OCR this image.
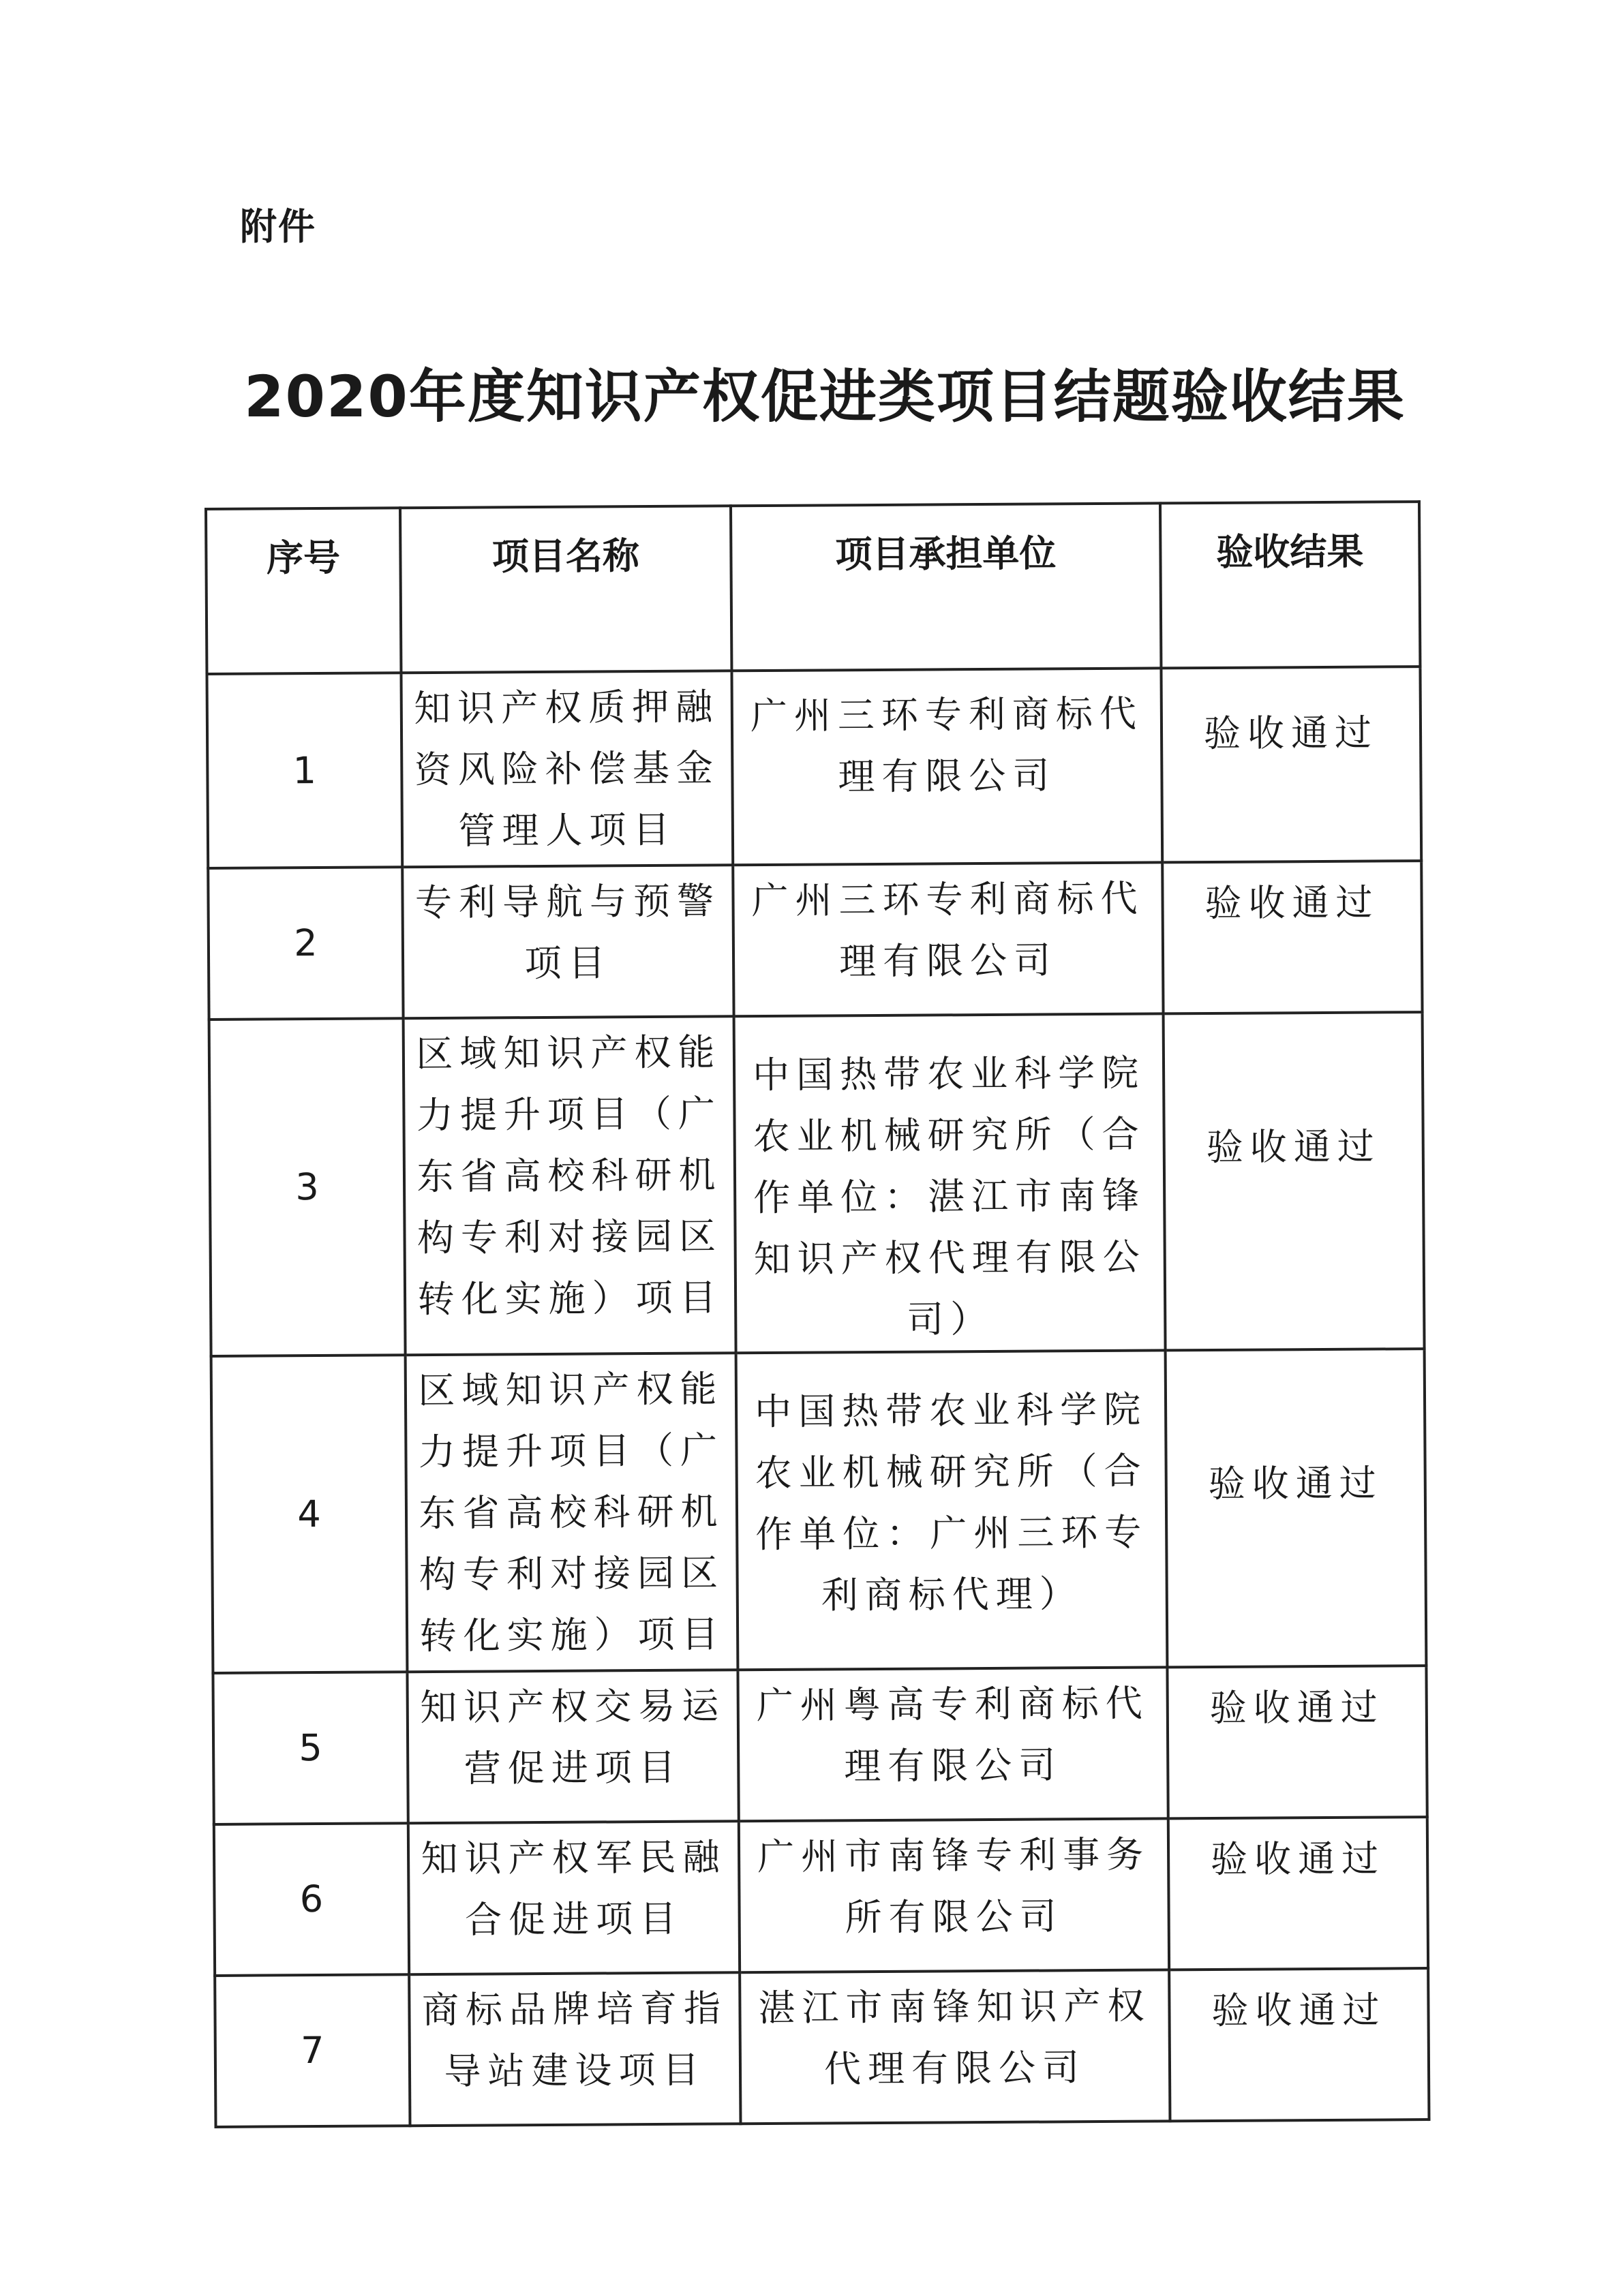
附件
2020年度知识产权促进类项目结题验收结果
序号	项目名称	项目承担单位	验收结果
1	知识产权质押融资风险补偿基金管理人项目	广州三环专利商标代理有限公司	验收通过
2	专利导航与预警项目	广州三环专利商标代理有限公司	验收通过
3	区域知识产权能力提升项目（广东省高校科研机构专利对接园区转化实施）项目	中国热带农业科学院农业机械研究所（合作单位：湛江市南锋知识产权代理有限公司）	验收通过
4	区域知识产权能力提升项目（广东省高校科研机构专利对接园区转化实施）项目	中国热带农业科学院农业机械研究所（合作单位：广州三环专利商标代理）	验收通过
5	知识产权交易运营促进项目	广州粤高专利商标代理有限公司	验收通过
6	知识产权军民融合促进项目	广州市南锋专利事务所有限公司	验收通过
7	商标品牌培育指导站建设项目	湛江市南锋知识产权代理有限公司	验收通过
